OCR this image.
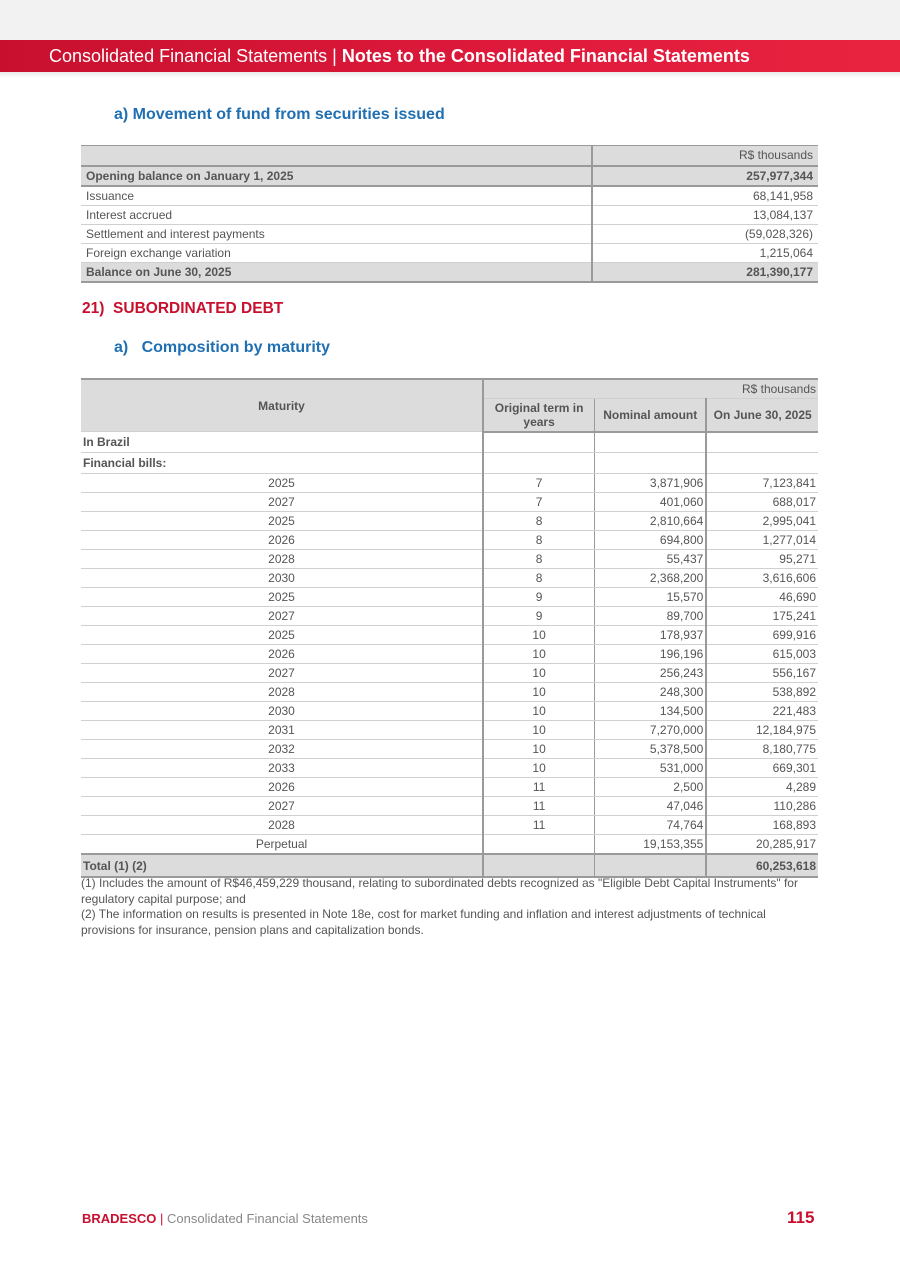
Consolidated Financial Statements | Notes to the Consolidated Financial Statements
a) Movement of fund from securities issued
	R$ thousands
Opening balance on January 1, 2025	257,977,344
Issuance	68,141,958
Interest accrued	13,084,137
Settlement and interest payments	(59,028,326)
Foreign exchange variation	1,215,064
Balance on June 30, 2025	281,390,177
21) SUBORDINATED DEBT
a) Composition by maturity
Maturity	R$ thousands		
	Original term in years	Nominal amount	On June 30, 2025
In Brazil			
Financial bills:			
2025	7	3,871,906	7,123,841
2027	7	401,060	688,017
2025	8	2,810,664	2,995,041
2026	8	694,800	1,277,014
2028	8	55,437	95,271
2030	8	2,368,200	3,616,606
2025	9	15,570	46,690
2027	9	89,700	175,241
2025	10	178,937	699,916
2026	10	196,196	615,003
2027	10	256,243	556,167
2028	10	248,300	538,892
2030	10	134,500	221,483
2031	10	7,270,000	12,184,975
2032	10	5,378,500	8,180,775
2033	10	531,000	669,301
2026	11	2,500	4,289
2027	11	47,046	110,286
2028	11	74,764	168,893
Perpetual		19,153,355	20,285,917
Total (1) (2)			60,253,618
(1) Includes the amount of R$46,459,229 thousand, relating to subordinated debts recognized as "Eligible Debt Capital Instruments" for regulatory capital purpose; and
(2) The information on results is presented in Note 18e, cost for market funding and inflation and interest adjustments of technical provisions for insurance, pension plans and capitalization bonds.
BRADESCO | Consolidated Financial Statements	115
